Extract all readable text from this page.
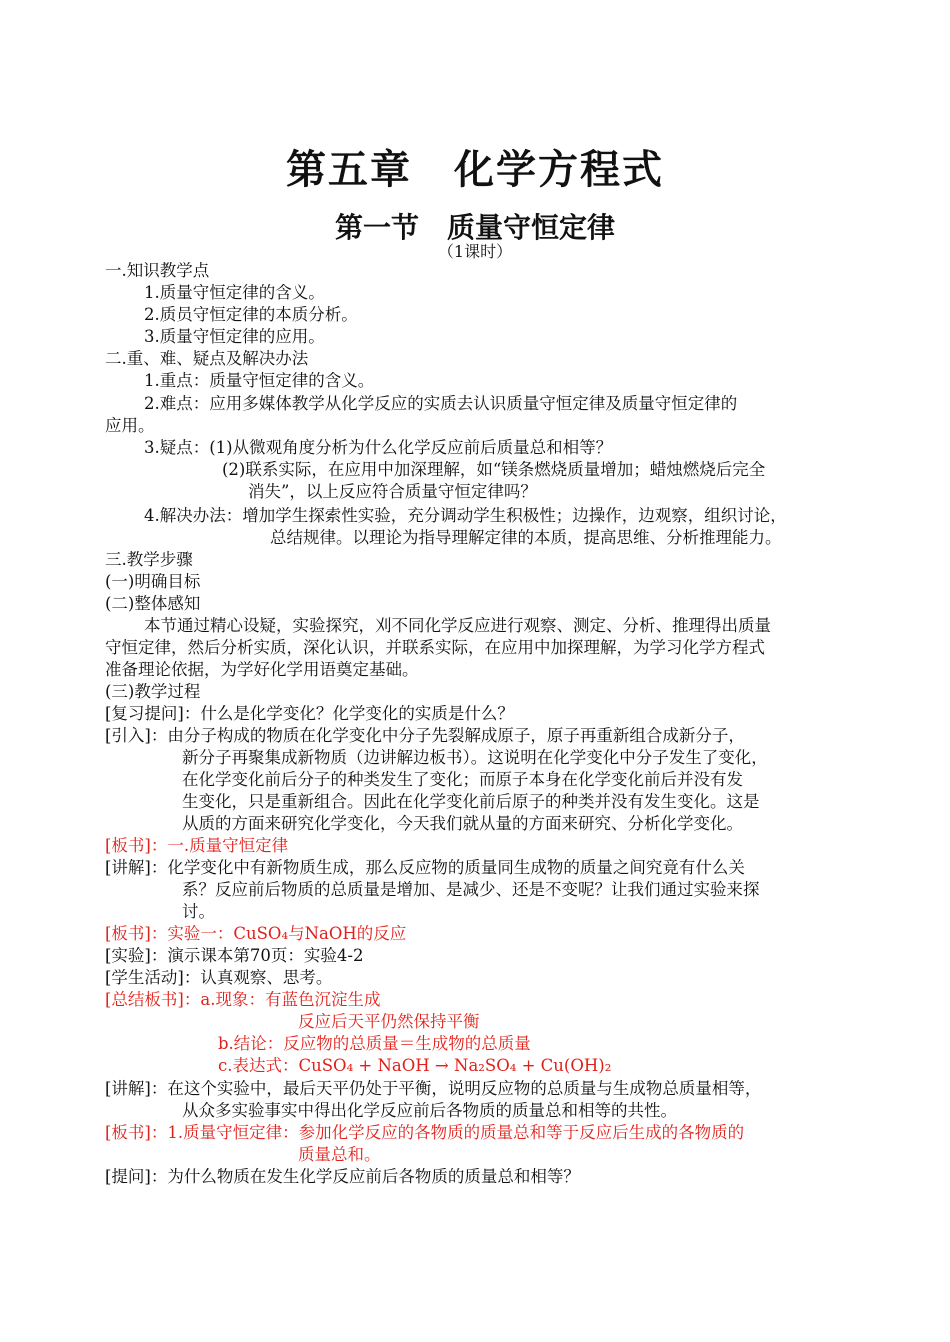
第五章　化学方程式
第一节　质量守恒定律
（1课时）
一.知识教学点
1.质量守恒定律的含义。
2.质员守恒定律的本质分析。
3.质量守恒定律的应用。
二.重、难、疑点及解决办法
1.重点：质量守恒定律的含义。
2.难点：应用多媒体教学从化学反应的实质去认识质量守恒定律及质量守恒定律的
应用。
3.疑点：(1)从微观角度分析为什么化学反应前后质量总和相等？
(2)联系实际，在应用中加深理解，如“镁条燃烧质量增加；蜡烛燃烧后完全
消失”，以上反应符合质量守恒定律吗？
4.解决办法：增加学生探索性实验，充分调动学生积极性；边操作，边观察，组织讨论，
总结规律。以理论为指导理解定律的本质，提高思维、分析推理能力。
三.教学步骤
(一)明确目标
(二)整体感知
本节通过精心设疑，实验探究，刈不同化学反应进行观察、测定、分析、推理得出质量
守恒定律，然后分析实质，深化认识，并联系实际，在应用中加探理解，为学习化学方程式
准备理论依据，为学好化学用语奠定基础。
(三)教学过程
[复习提问]：什么是化学变化？化学变化的实质是什么？
[引入]：由分子构成的物质在化学变化中分子先裂解成原子，原子再重新组合成新分子，
新分子再聚集成新物质（边讲解边板书）。这说明在化学变化中分子发生了变化，
在化学变化前后分子的种类发生了变化；而原子本身在化学变化前后并没有发
生变化，只是重新组合。因此在化学变化前后原子的种类并没有发生变化。这是
从质的方面来研究化学变化，今天我们就从量的方面来研究、分析化学变化。
[板书]：一.质量守恒定律
[讲解]：化学变化中有新物质生成，那么反应物的质量同生成物的质量之间究竟有什么关
系？反应前后物质的总质量是增加、是减少、还是不变呢？让我们通过实验来探
讨。
[板书]：实验一：CuSO₄与NaOH的反应
[实验]：演示课本第70页：实验4-2
[学生活动]：认真观察、思考。
[总结板书]：a.现象：有蓝色沉淀生成
反应后天平仍然保持平衡
b.结论：反应物的总质量＝生成物的总质量
c.表达式：CuSO₄ + NaOH → Na₂SO₄ + Cu(OH)₂
[讲解]：在这个实验中，最后天平仍处于平衡，说明反应物的总质量与生成物总质量相等，
从众多实验事实中得出化学反应前后各物质的质量总和相等的共性。
[板书]：1.质量守恒定律：参加化学反应的各物质的质量总和等于反应后生成的各物质的
质量总和。
[提问]：为什么物质在发生化学反应前后各物质的质量总和相等？
